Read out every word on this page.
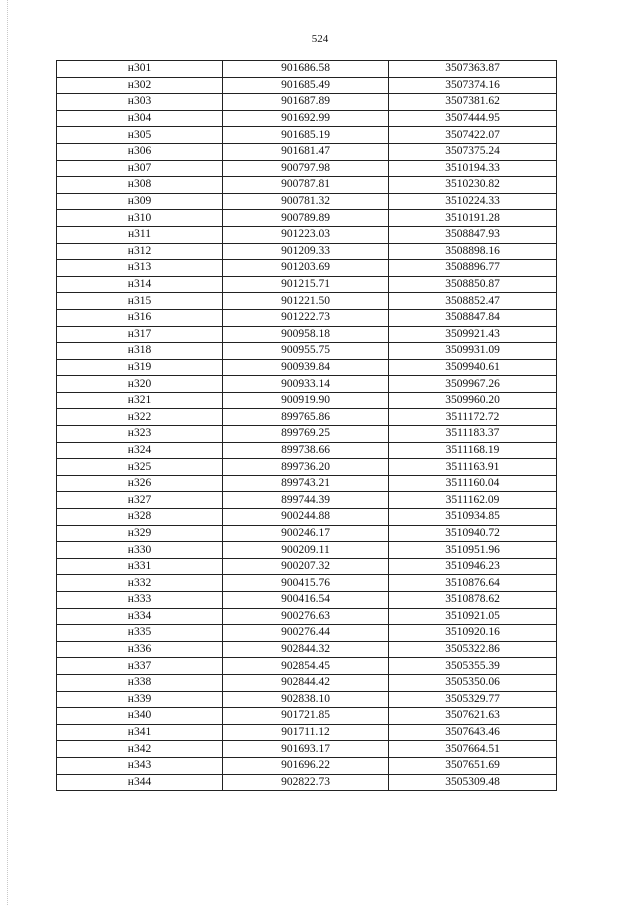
524
н301	901686.58	3507363.87
н302	901685.49	3507374.16
н303	901687.89	3507381.62
н304	901692.99	3507444.95
н305	901685.19	3507422.07
н306	901681.47	3507375.24
н307	900797.98	3510194.33
н308	900787.81	3510230.82
н309	900781.32	3510224.33
н310	900789.89	3510191.28
н311	901223.03	3508847.93
н312	901209.33	3508898.16
н313	901203.69	3508896.77
н314	901215.71	3508850.87
н315	901221.50	3508852.47
н316	901222.73	3508847.84
н317	900958.18	3509921.43
н318	900955.75	3509931.09
н319	900939.84	3509940.61
н320	900933.14	3509967.26
н321	900919.90	3509960.20
н322	899765.86	3511172.72
н323	899769.25	3511183.37
н324	899738.66	3511168.19
н325	899736.20	3511163.91
н326	899743.21	3511160.04
н327	899744.39	3511162.09
н328	900244.88	3510934.85
н329	900246.17	3510940.72
н330	900209.11	3510951.96
н331	900207.32	3510946.23
н332	900415.76	3510876.64
н333	900416.54	3510878.62
н334	900276.63	3510921.05
н335	900276.44	3510920.16
н336	902844.32	3505322.86
н337	902854.45	3505355.39
н338	902844.42	3505350.06
н339	902838.10	3505329.77
н340	901721.85	3507621.63
н341	901711.12	3507643.46
н342	901693.17	3507664.51
н343	901696.22	3507651.69
н344	902822.73	3505309.48
